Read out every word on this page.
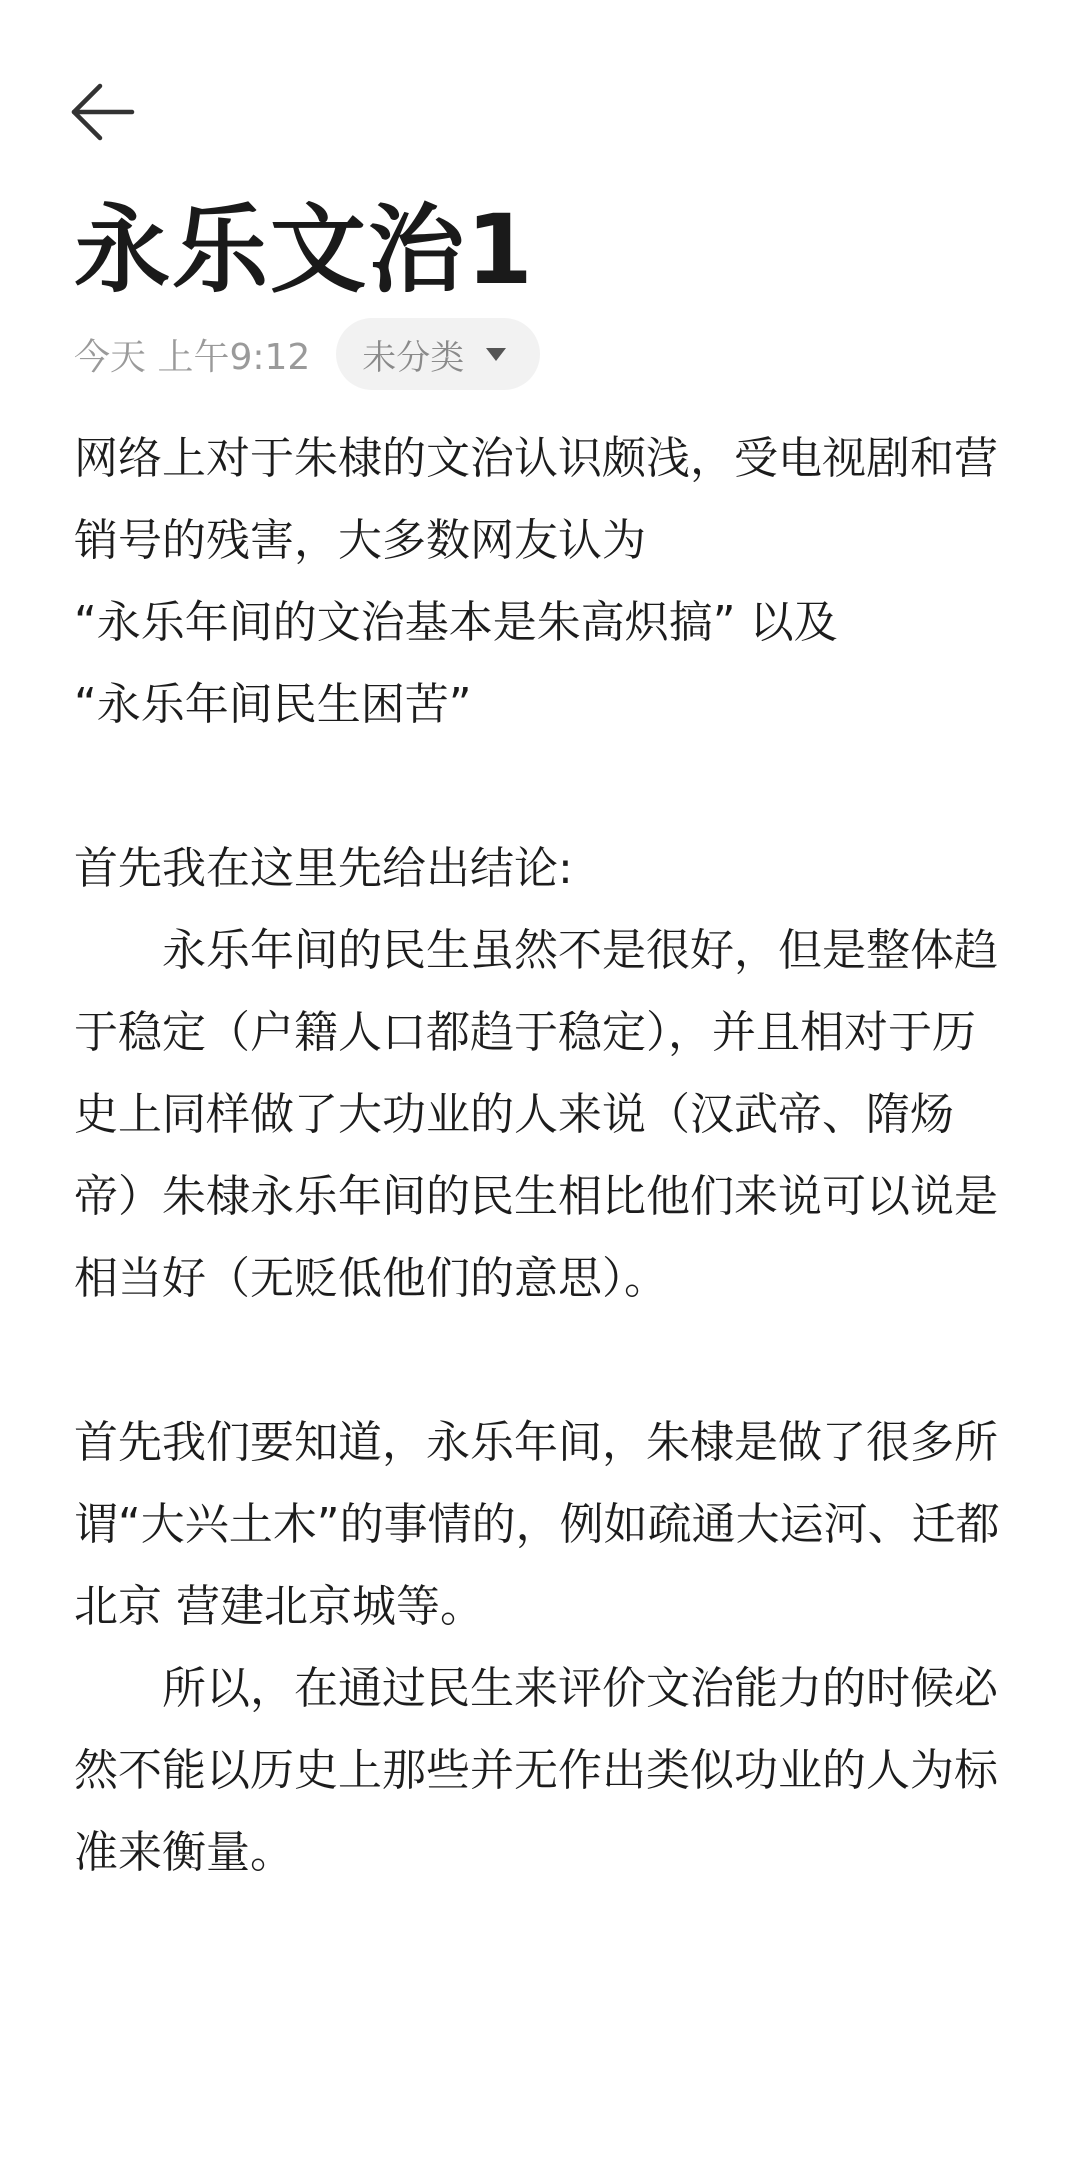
永乐文治1
今天 上午9:12 未分类

网络上对于朱棣的文治认识颇浅，受电视剧和营销号的残害，大多数网友认为

“永乐年间的文治基本是朱高炽搞” 以及

“永乐年间民生困苦”

首先我在这里先给出结论:

永乐年间的民生虽然不是很好，但是整体趋于稳定（户籍人口都趋于稳定），并且相对于历史上同样做了大功业的人来说（汉武帝、隋炀帝）朱棣永乐年间的民生相比他们来说可以说是相当好（无贬低他们的意思）。

首先我们要知道，永乐年间，朱棣是做了很多所谓“大兴土木”的事情的，例如疏通大运河、迁都北京 营建北京城等。

所以，在通过民生来评价文治能力的时候必然不能以历史上那些并无作出类似功业的人为标准来衡量。
